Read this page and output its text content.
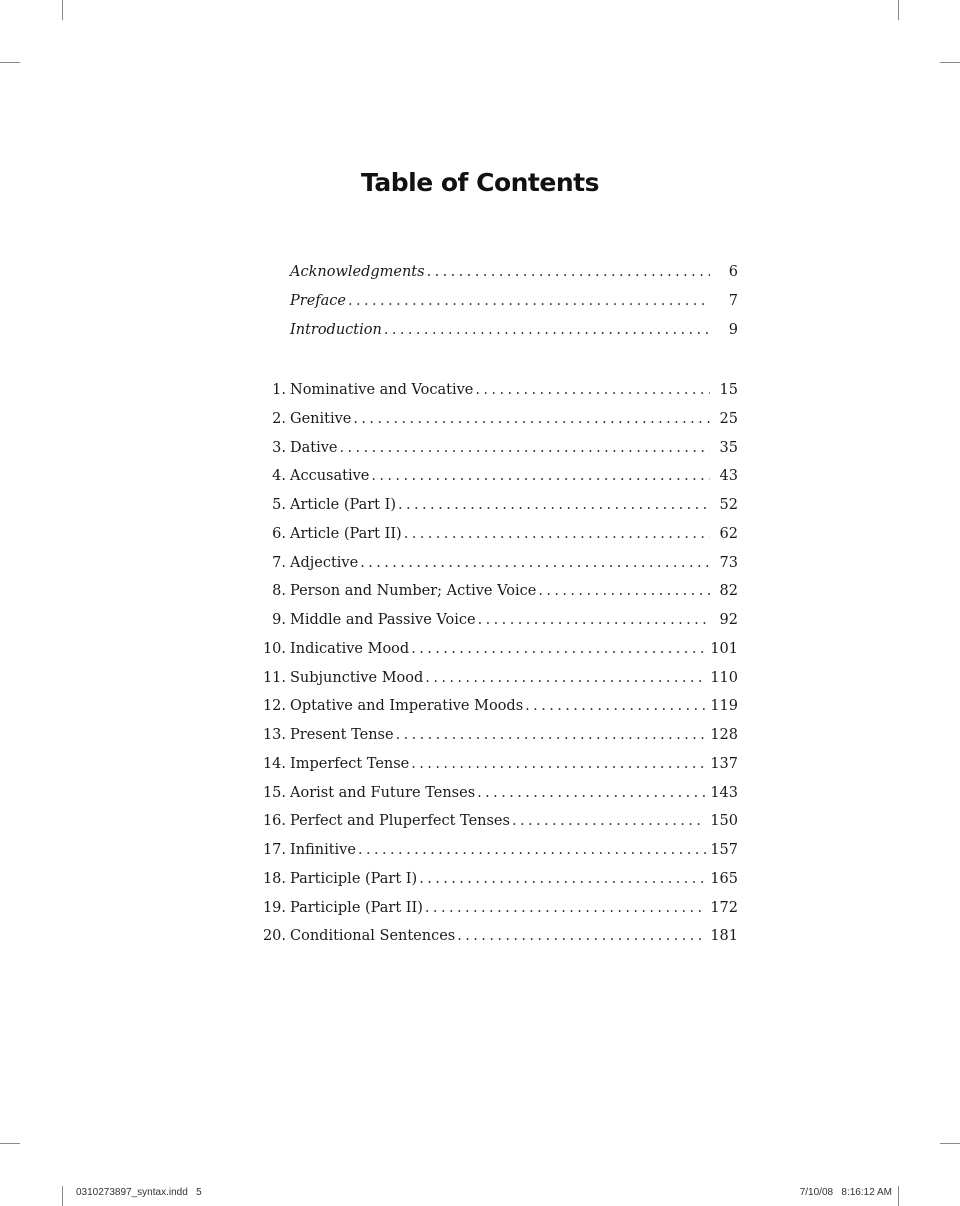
Table of Contents
Acknowledgments . . .	6
Preface . . .	7
Introduction . . .	9
1. Nominative and Vocative . . .	15
2. Genitive . . .	25
3. Dative . . .	35
4. Accusative . . .	43
5. Article (Part I) . . .	52
6. Article (Part II) . . .	62
7. Adjective . . .	73
8. Person and Number; Active Voice . . .	82
9. Middle and Passive Voice . . .	92
10. Indicative Mood . . .	101
11. Subjunctive Mood . . .	110
12. Optative and Imperative Moods . . .	119
13. Present Tense . . .	128
14. Imperfect Tense . . .	137
15. Aorist and Future Tenses . . .	143
16. Perfect and Pluperfect Tenses . . .	150
17. Infinitive . . .	157
18. Participle (Part I) . . .	165
19. Participle (Part II) . . .	172
20. Conditional Sentences . . .	181
0310273897_syntax.indd   5	7/10/08   8:16:12 AM
